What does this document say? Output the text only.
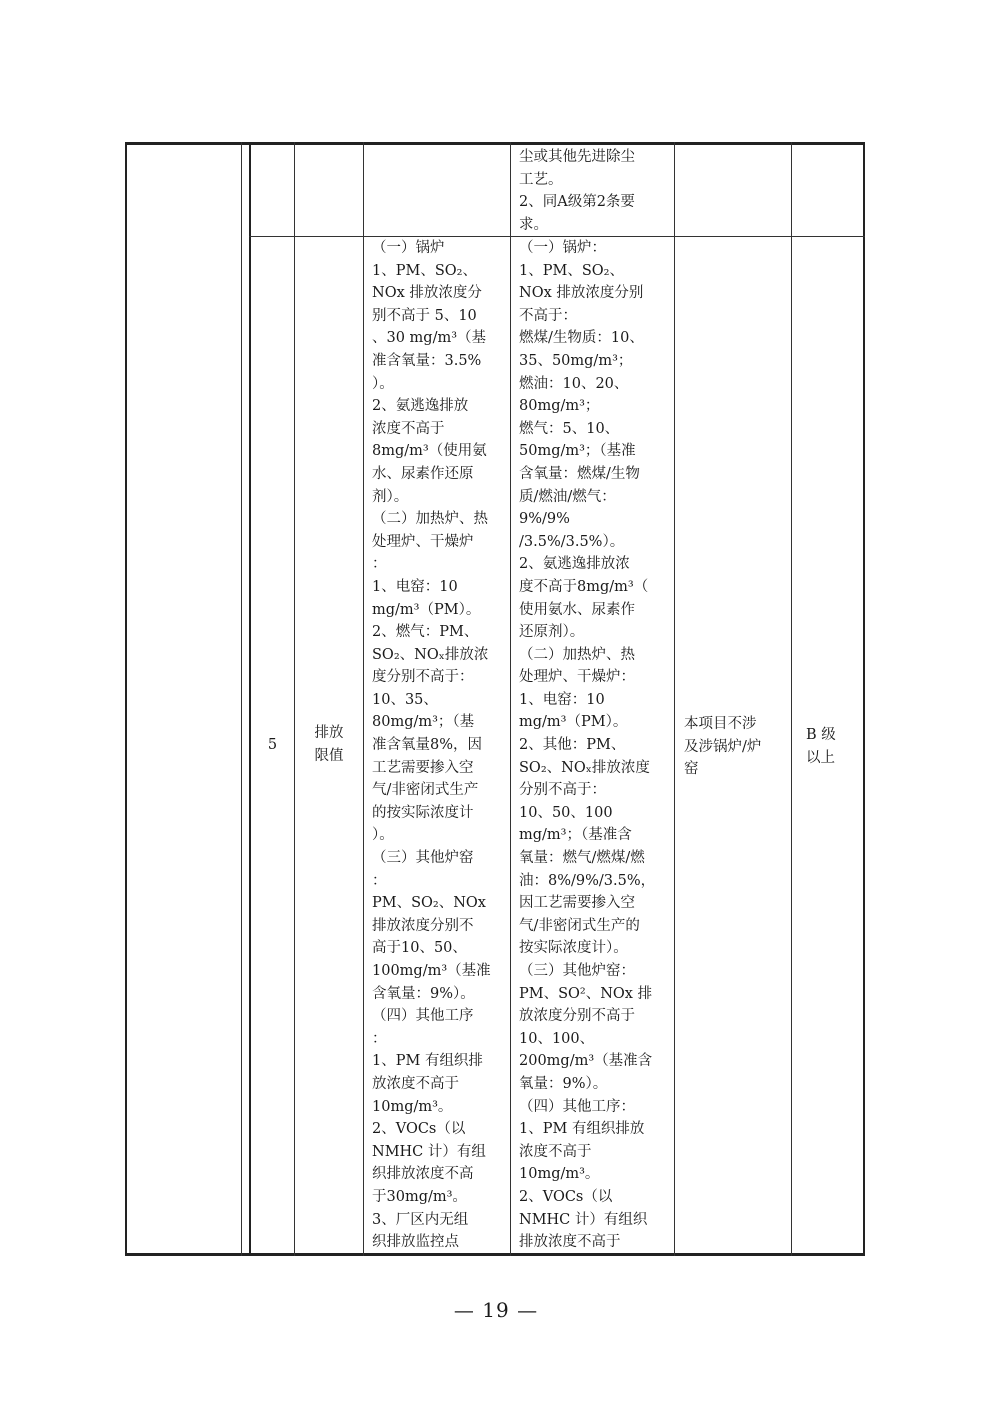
尘或其他先进除尘
工艺。
2、同A级第2条要
求。
5
排放
限值
（一）锅炉
1、PM、SO₂、
NOx 排放浓度分
别不高于 5、10
、30 mg/m³（基
准含氧量：3.5%
）。
2、氨逃逸排放
浓度不高于
8mg/m³（使用氨
水、尿素作还原
剂）。
（二）加热炉、热
处理炉、干燥炉
：
1、电窑：10
mg/m³（PM）。
2、燃气：PM、
SO₂、NOₓ排放浓
度分别不高于：
10、35、
80mg/m³；（基
准含氧量8%，因
工艺需要掺入空
气/非密闭式生产
的按实际浓度计
）。
（三）其他炉窑
：
PM、SO₂、NOx
排放浓度分别不
高于10、50、
100mg/m³（基准
含氧量：9%）。
（四）其他工序
：
1、PM 有组织排
放浓度不高于
10mg/m³。
2、VOCs（以
NMHC 计）有组
织排放浓度不高
于30mg/m³。
3、厂区内无组
织排放监控点
（一）锅炉：
1、PM、SO₂、
NOx 排放浓度分别
不高于：
燃煤/生物质：10、
35、50mg/m³；
燃油：10、20、
80mg/m³；
燃气：5、10、
50mg/m³；（基准
含氧量：燃煤/生物
质/燃油/燃气：
9%/9%
/3.5%/3.5%）。
2、氨逃逸排放浓
度不高于8mg/m³（
使用氨水、尿素作
还原剂）。
（二）加热炉、热
处理炉、干燥炉：
1、电窑：10
mg/m³（PM）。
2、其他：PM、
SO₂、NOₓ排放浓度
分别不高于：
10、50、100
mg/m³；（基准含
氧量：燃气/燃煤/燃
油：8%/9%/3.5%，
因工艺需要掺入空
气/非密闭式生产的
按实际浓度计）。
（三）其他炉窑：
PM、SO²、NOx 排
放浓度分别不高于
10、100、
200mg/m³（基准含
氧量：9%）。
（四）其他工序：
1、PM 有组织排放
浓度不高于
10mg/m³。
2、VOCs（以
NMHC 计）有组织
排放浓度不高于
本项目不涉
及涉锅炉/炉
窑
B 级
以上
— 19 —
